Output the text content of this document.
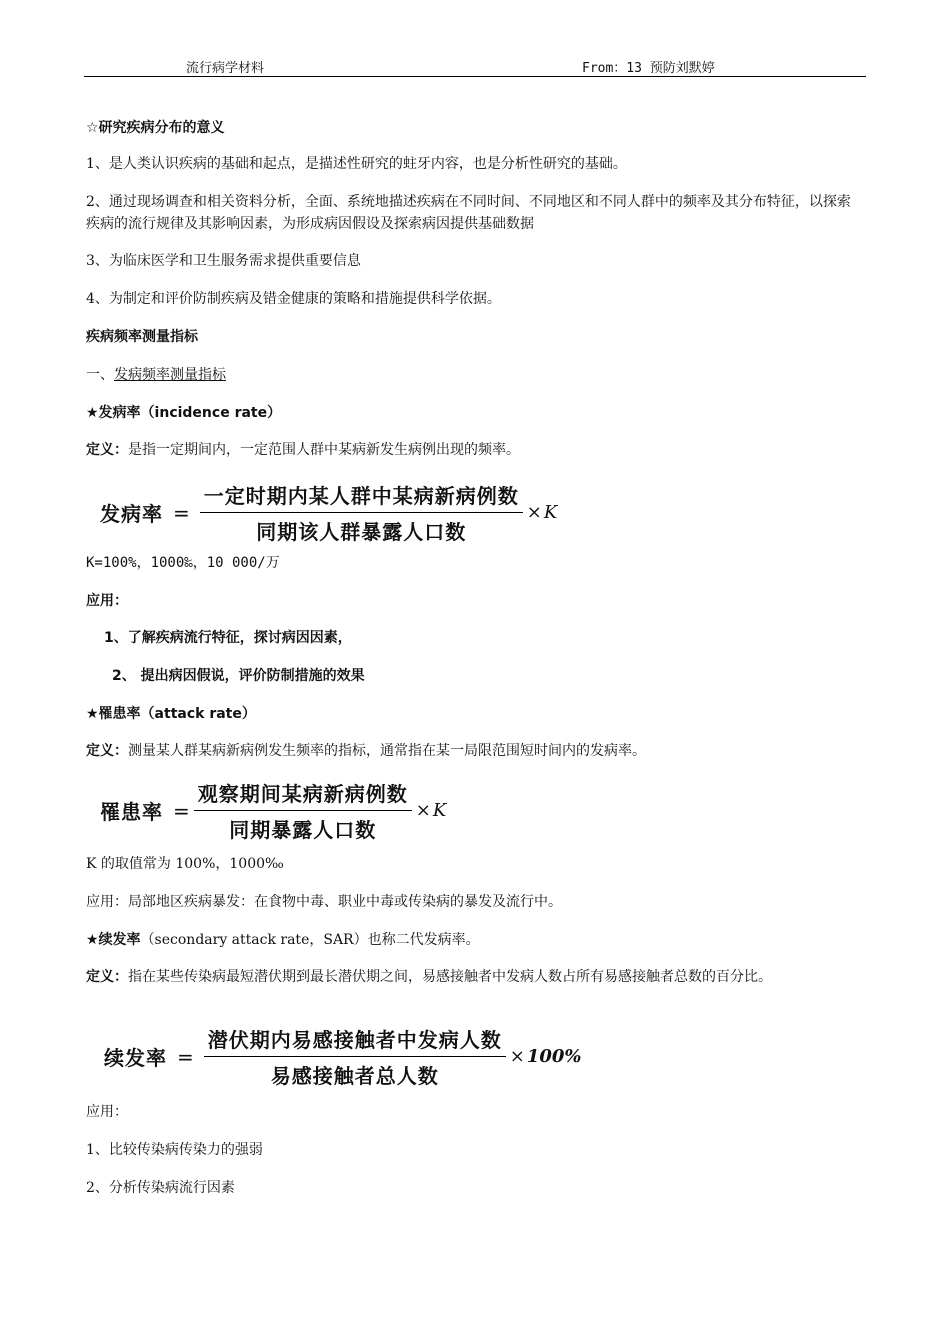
流行病学材料	From：13 预防刘默婷
☆研究疾病分布的意义
1、是人类认识疾病的基础和起点，是描述性研究的蛀牙内容，也是分析性研究的基础。
2、通过现场调查和相关资料分析，全面、系统地描述疾病在不同时间、不同地区和不同人群中的频率及其分布特征，以探索疾病的流行规律及其影响因素，为形成病因假设及探索病因提供基础数据
3、为临床医学和卫生服务需求提供重要信息
4、为制定和评价防制疾病及错金健康的策略和措施提供科学依据。
疾病频率测量指标
一、发病频率测量指标
★发病率（incidence rate）
定义：是指一定期间内，一定范围人群中某病新发生病例出现的频率。
发病率 = $\frac{\text{一定时期内某人群中某病新病例数}}{\text{同期该人群暴露人口数}} \times K$
K=100%，1000‰，10 000/万
应用：
1、了解疾病流行特征，探讨病因因素，
2、 提出病因假说，评价防制措施的效果
★罹患率（attack rate）
定义：测量某人群某病新病例发生频率的指标，通常指在某一局限范围短时间内的发病率。
罹患率 = $\frac{\text{观察期间某病新病例数}}{\text{同期暴露人口数}} \times K$
K 的取值常为 100%，1000‰
应用：局部地区疾病暴发：在食物中毒、职业中毒或传染病的暴发及流行中。
★续发率（secondary attack rate，SAR）也称二代发病率。
定义：指在某些传染病最短潜伏期到最长潜伏期之间，易感接触者中发病人数占所有易感接触者总数的百分比。
续发率 = $\frac{\text{潜伏期内易感接触者中发病人数}}{\text{易感接触者总人数}} \times 100\%$
应用：
1、比较传染病传染力的强弱
2、分析传染病流行因素
